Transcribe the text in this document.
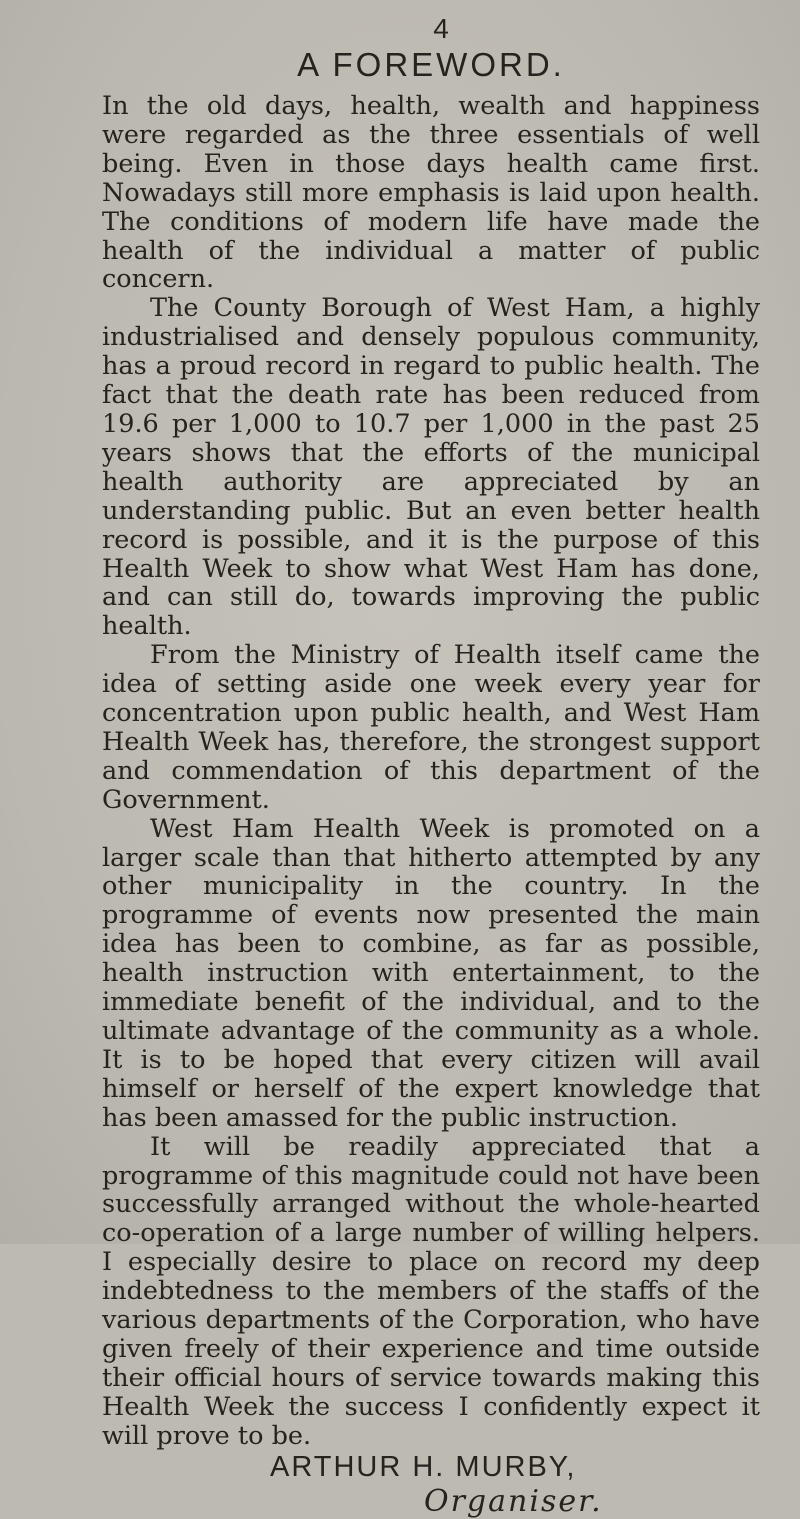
4
A FOREWORD.

In the old days, health, wealth and happiness were regarded as the three essentials of well being. Even in those days health came first. Nowadays still more emphasis is laid upon health. The conditions of modern life have made the health of the individual a matter of public concern.

The County Borough of West Ham, a highly industrialised and densely populous community, has a proud record in regard to public health. The fact that the death rate has been reduced from 19.6 per 1,000 to 10.7 per 1,000 in the past 25 years shows that the efforts of the municipal health authority are appreciated by an understanding public. But an even better health record is possible, and it is the purpose of this Health Week to show what West Ham has done, and can still do, towards improving the public health.

From the Ministry of Health itself came the idea of setting aside one week every year for concentration upon public health, and West Ham Health Week has, therefore, the strongest support and commendation of this department of the Government.

West Ham Health Week is promoted on a larger scale than that hitherto attempted by any other municipality in the country. In the programme of events now presented the main idea has been to combine, as far as possible, health instruction with entertainment, to the immediate benefit of the individual, and to the ultimate advantage of the community as a whole. It is to be hoped that every citizen will avail himself or herself of the expert knowledge that has been amassed for the public instruction.

It will be readily appreciated that a programme of this magnitude could not have been successfully arranged without the whole-hearted co-operation of a large number of willing helpers. I especially desire to place on record my deep indebtedness to the members of the staffs of the various departments of the Corporation, who have given freely of their experience and time outside their official hours of service towards making this Health Week the success I confidently expect it will prove to be.

ARTHUR H. MURBY,
Organiser.
